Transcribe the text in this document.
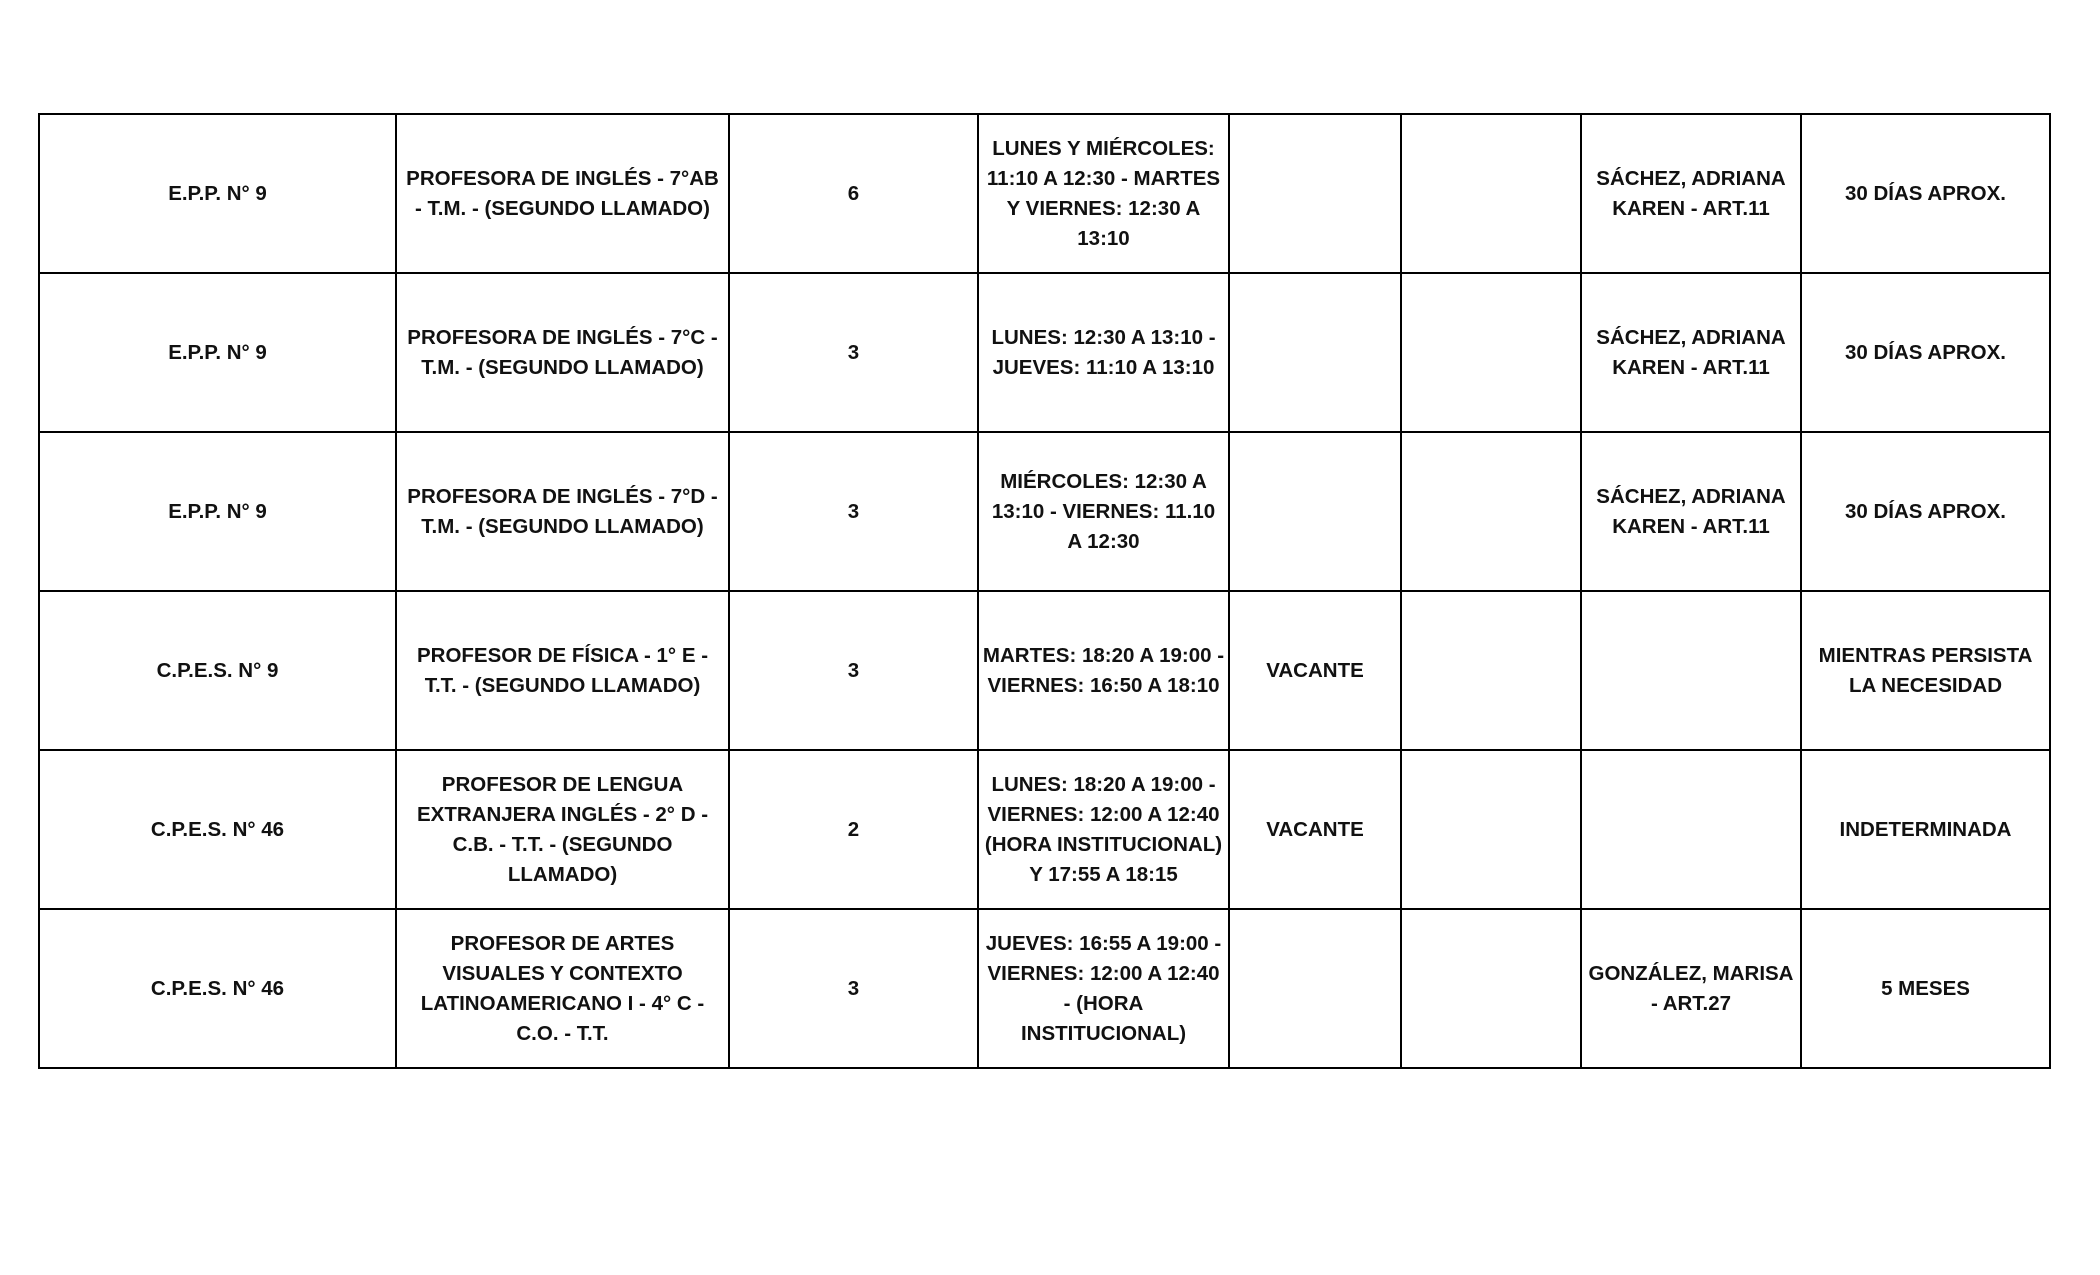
E.P.P. N° 9	PROFESORA DE INGLÉS - 7°AB - T.M. - (SEGUNDO LLAMADO)	6	LUNES Y MIÉRCOLES: 11:10 A 12:30 - MARTES Y VIERNES: 12:30 A 13:10			SÁCHEZ, ADRIANA KAREN - ART.11	30 DÍAS APROX.
E.P.P. N° 9	PROFESORA DE INGLÉS - 7°C - T.M. - (SEGUNDO LLAMADO)	3	LUNES: 12:30 A 13:10 - JUEVES: 11:10 A 13:10			SÁCHEZ, ADRIANA KAREN - ART.11	30 DÍAS APROX.
E.P.P. N° 9	PROFESORA DE INGLÉS - 7°D - T.M. - (SEGUNDO LLAMADO)	3	MIÉRCOLES: 12:30 A 13:10 - VIERNES: 11.10 A 12:30			SÁCHEZ, ADRIANA KAREN - ART.11	30 DÍAS APROX.
C.P.E.S. N° 9	PROFESOR DE FÍSICA - 1° E - T.T. - (SEGUNDO LLAMADO)	3	MARTES: 18:20 A 19:00 - VIERNES: 16:50 A 18:10	VACANTE			MIENTRAS PERSISTA LA NECESIDAD
C.P.E.S. N° 46	PROFESOR DE LENGUA EXTRANJERA INGLÉS - 2° D - C.B. - T.T. - (SEGUNDO LLAMADO)	2	LUNES: 18:20 A 19:00 - VIERNES: 12:00 A 12:40 (HORA INSTITUCIONAL) Y 17:55 A 18:15	VACANTE			INDETERMINADA
C.P.E.S. N° 46	PROFESOR DE ARTES VISUALES Y CONTEXTO LATINOAMERICANO I - 4° C - C.O. - T.T.	3	JUEVES: 16:55 A 19:00 - VIERNES: 12:00 A 12:40 - (HORA INSTITUCIONAL)			GONZÁLEZ, MARISA - ART.27	5 MESES
